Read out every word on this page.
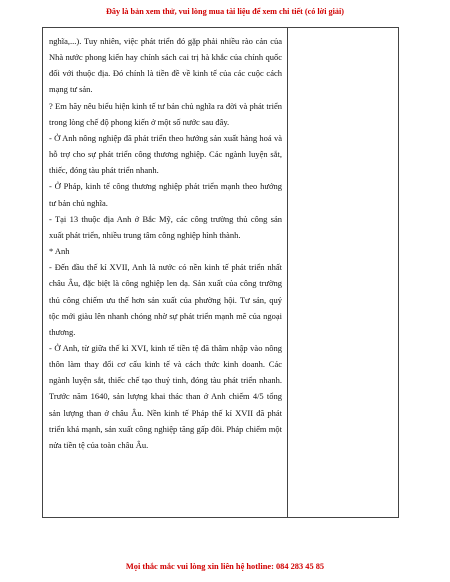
Đây là bản xem thử, vui lòng mua tài liệu để xem chi tiết (có lời giải)

nghĩa,...). Tuy nhiên, việc phát triển đó gặp phải nhiều rào cản của Nhà nước phong kiến hay chính sách cai trị hà khắc của chính quốc đối với thuộc địa. Đó chính là tiền đề về kinh tế của các cuộc cách mạng tư sản.

? Em hãy nêu biểu hiện kinh tế tư bản chủ nghĩa ra đời và phát triển trong lòng chế độ phong kiến ở một số nước sau đây.

- Ở Anh nông nghiệp đã phát triển theo hướng sản xuất hàng hoá và hỗ trợ cho sự phát triển công thương nghiệp. Các ngành luyện sắt, thiếc, đóng tàu phát triển nhanh.

- Ở Pháp, kinh tế công thương nghiệp phát triển mạnh theo hướng tư bản chủ nghĩa.

- Tại 13 thuộc địa Anh ở Bắc Mỹ, các công trường thủ công sản xuất phát triển, nhiều trung tâm công nghiệp hình thành.

* Anh

- Đến đầu thế kỉ XVII, Anh là nước có nền kinh tế phát triển nhất châu Âu, đặc biệt là công nghiệp len dạ. Sản xuất của công trường thủ công chiếm ưu thế hơn sản xuất của phường hội. Tư sản, quý tộc mới giàu lên nhanh chóng nhờ sự phát triển mạnh mẽ của ngoại thương.

- Ở Anh, từ giữa thế kỉ XVI, kinh tế tiền tệ đã thâm nhập vào nông thôn làm thay đổi cơ cấu kinh tế và cách thức kinh doanh. Các ngành luyện sắt, thiếc chế tạo thuỷ tinh, đóng tàu phát triển nhanh. Trước năm 1640, sản lượng khai thác than ở Anh chiếm 4/5 tổng sản lượng than ở châu Âu. Nền kinh tế Pháp thế kỉ XVII đã phát triển khá mạnh, sản xuất công nghiệp tăng gấp đôi. Pháp chiếm một nửa tiền tệ của toàn châu Âu.

Mọi thắc mắc vui lòng xin liên hệ hotline: 084 283 45 85
